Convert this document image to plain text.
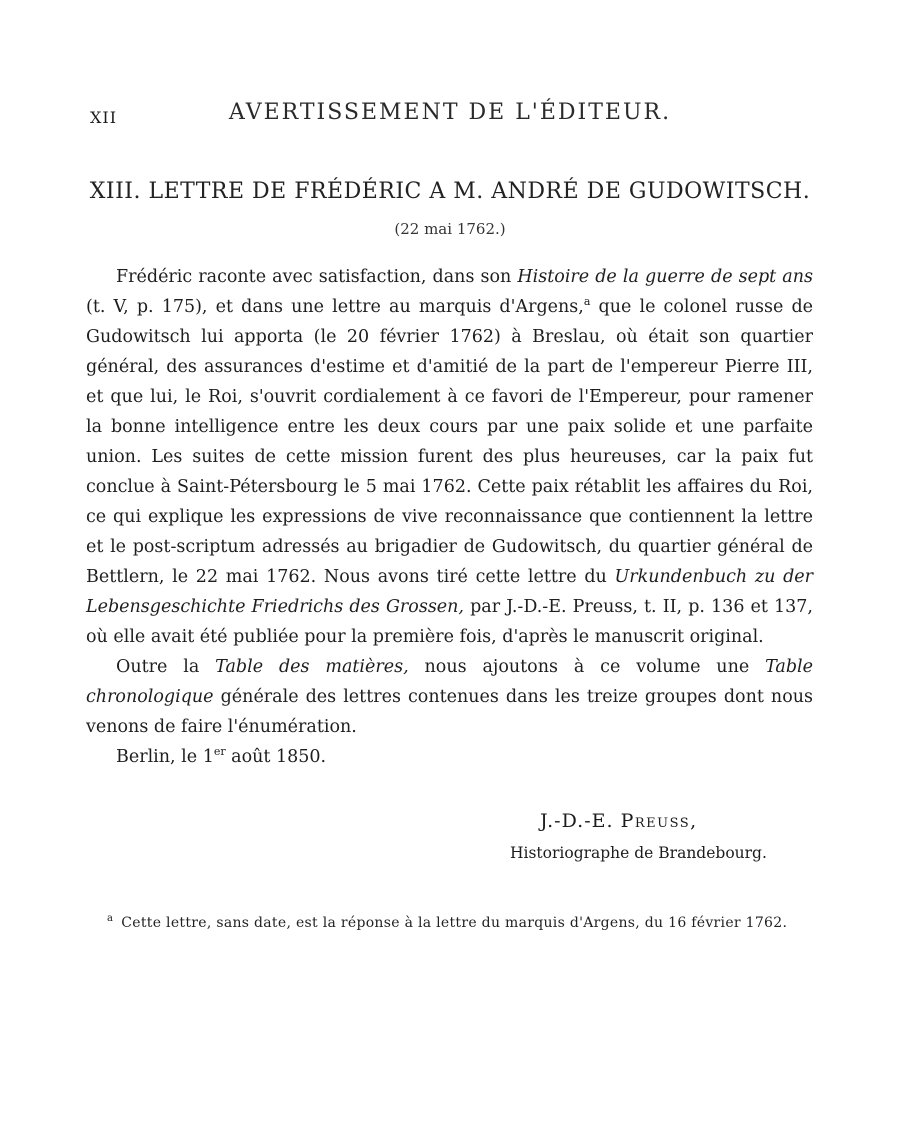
XII	AVERTISSEMENT DE L'ÉDITEUR.
XIII. LETTRE DE FRÉDÉRIC A M. ANDRÉ DE GUDOWITSCH.
(22 mai 1762.)

Frédéric raconte avec satisfaction, dans son Histoire de la guerre de sept ans (t. V, p. 175), et dans une lettre au marquis d'Argens,$^a$ que le colonel russe de Gudowitsch lui apporta (le 20 février 1762) à Breslau, où était son quartier général, des assurances d'estime et d'amitié de la part de l'empereur Pierre III, et que lui, le Roi, s'ouvrit cordialement à ce favori de l'Empereur, pour ramener la bonne intelligence entre les deux cours par une paix solide et une parfaite union. Les suites de cette mission furent des plus heureuses, car la paix fut conclue à Saint-Pétersbourg le 5 mai 1762. Cette paix rétablit les affaires du Roi, ce qui explique les expressions de vive reconnaissance que contiennent la lettre et le post-scriptum adressés au brigadier de Gudowitsch, du quartier général de Bettlern, le 22 mai 1762. Nous avons tiré cette lettre du Urkundenbuch zu der Lebensgeschichte Friedrichs des Grossen, par J.-D.-E. Preuss, t. II, p. 136 et 137, où elle avait été publiée pour la première fois, d'après le manuscrit original.

Outre la Table des matières, nous ajoutons à ce volume une Table chronologique générale des lettres contenues dans les treize groupes dont nous venons de faire l'énumération.

Berlin, le 1er août 1850.

J.-D.-E. Preuss,
Historiographe de Brandebourg.
$^a$ Cette lettre, sans date, est la réponse à la lettre du marquis d'Argens, du 16 février 1762.
